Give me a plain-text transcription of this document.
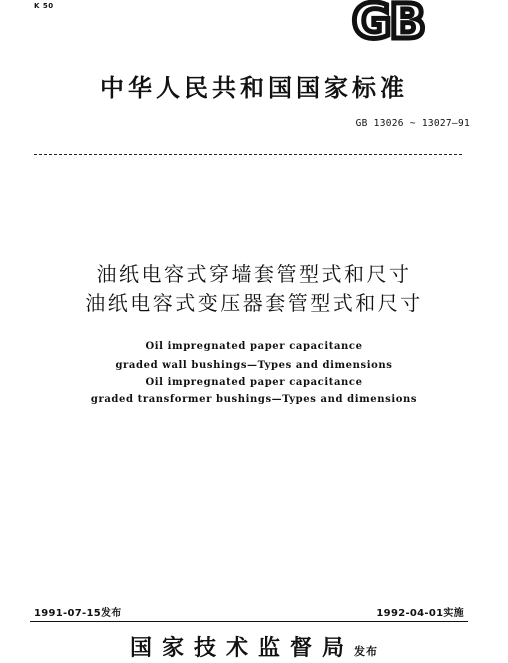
K 50	GB
中华人民共和国国家标准
GB 13026 ~ 13027—91
油纸电容式穿墙套管型式和尺寸
油纸电容式变压器套管型式和尺寸
Oil impregnated paper capacitance
graded wall bushings—Types and dimensions
Oil impregnated paper capacitance
graded transformer bushings—Types and dimensions
1991-07-15发布	1992-04-01实施
国家技术监督局发布
